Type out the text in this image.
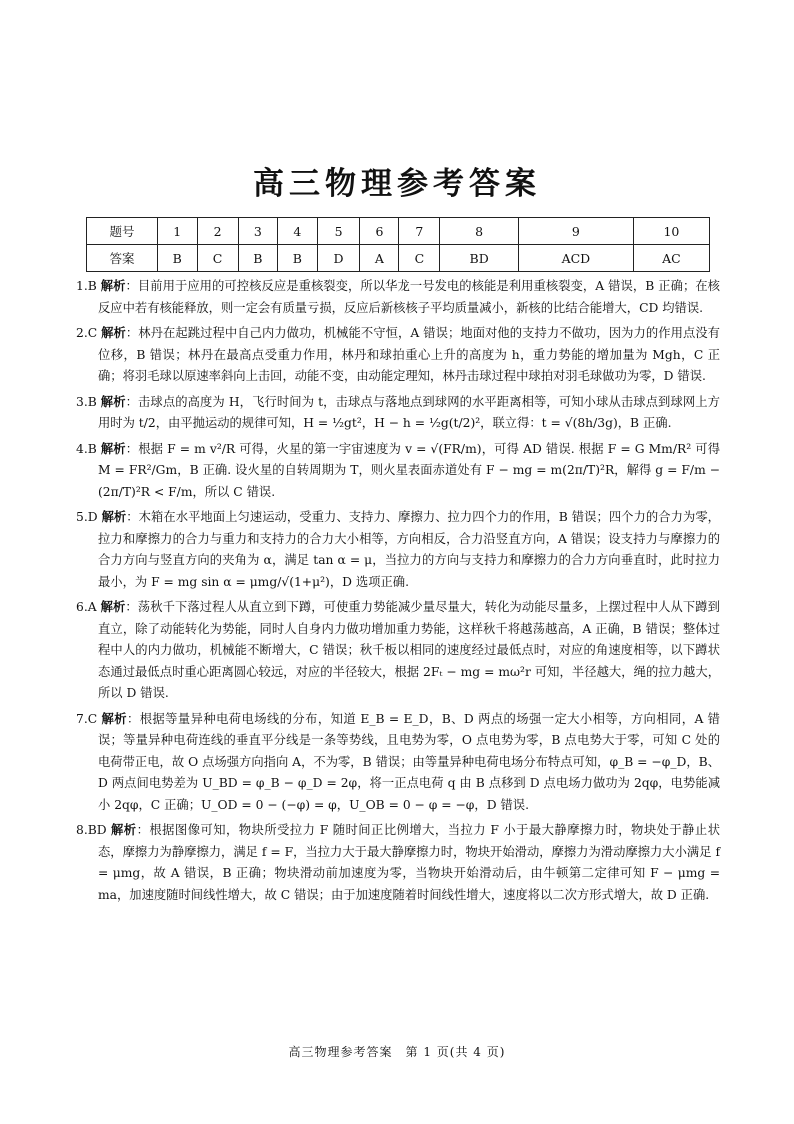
高三物理参考答案
题号	1	2	3	4	5	6	7	8	9	10
答案	B	C	B	B	D	A	C	BD	ACD	AC

1.B 解析：目前用于应用的可控核反应是重核裂变，所以华龙一号发电的核能是利用重核裂变，A 错误，B 正确；在核反应中若有核能释放，则一定会有质量亏损，反应后新核核子平均质量减小，新核的比结合能增大，CD 均错误.

2.C 解析：林丹在起跳过程中自己内力做功，机械能不守恒，A 错误；地面对他的支持力不做功，因为力的作用点没有位移，B 错误；林丹在最高点受重力作用，林丹和球拍重心上升的高度为 h，重力势能的增加量为 Mgh，C 正确；将羽毛球以原速率斜向上击回，动能不变，由动能定理知，林丹击球过程中球拍对羽毛球做功为零，D 错误.

3.B 解析：击球点的高度为 H，飞行时间为 t，击球点与落地点到球网的水平距离相等，可知小球从击球点到球网上方用时为 t/2，由平抛运动的规律可知，H = ½gt²，H − h = ½g(t/2)²，联立得：t = √(8h/3g)，B 正确.

4.B 解析：根据 F = m v²/R 可得，火星的第一宇宙速度为 v = √(FR/m)，可得 AD 错误. 根据 F = G Mm/R² 可得 M = FR²/Gm，B 正确. 设火星的自转周期为 T，则火星表面赤道处有 F − mg = m(2π/T)²R，解得 g = F/m − (2π/T)²R < F/m，所以 C 错误.

5.D 解析：木箱在水平地面上匀速运动，受重力、支持力、摩擦力、拉力四个力的作用，B 错误；四个力的合力为零，拉力和摩擦力的合力与重力和支持力的合力大小相等，方向相反，合力沿竖直方向，A 错误；设支持力与摩擦力的合力方向与竖直方向的夹角为 α，满足 tan α = μ，当拉力的方向与支持力和摩擦力的合力方向垂直时，此时拉力最小，为 F = mg sin α = μmg/√(1+μ²)，D 选项正确.

6.A 解析：荡秋千下落过程人从直立到下蹲，可使重力势能减少量尽量大，转化为动能尽量多，上摆过程中人从下蹲到直立，除了动能转化为势能，同时人自身内力做功增加重力势能，这样秋千将越荡越高，A 正确，B 错误；整体过程中人的内力做功，机械能不断增大，C 错误；秋千板以相同的速度经过最低点时，对应的角速度相等，以下蹲状态通过最低点时重心距离圆心较远，对应的半径较大，根据 2Fₜ − mg = mω²r 可知，半径越大，绳的拉力越大，所以 D 错误.

7.C 解析：根据等量异种电荷电场线的分布，知道 E_B = E_D，B、D 两点的场强一定大小相等，方向相同，A 错误；等量异种电荷连线的垂直平分线是一条等势线，且电势为零，O 点电势为零，B 点电势大于零，可知 C 处的电荷带正电，故 O 点场强方向指向 A，不为零，B 错误；由等量异种电荷电场分布特点可知，φ_B = −φ_D，B、D 两点间电势差为 U_BD = φ_B − φ_D = 2φ，将一正点电荷 q 由 B 点移到 D 点电场力做功为 2qφ，电势能减小 2qφ，C 正确；U_OD = 0 − (−φ) = φ，U_OB = 0 − φ = −φ，D 错误.

8.BD 解析：根据图像可知，物块所受拉力 F 随时间正比例增大，当拉力 F 小于最大静摩擦力时，物块处于静止状态，摩擦力为静摩擦力，满足 f = F，当拉力大于最大静摩擦力时，物块开始滑动，摩擦力为滑动摩擦力大小满足 f = μmg，故 A 错误，B 正确；物块滑动前加速度为零，当物块开始滑动后，由牛顿第二定律可知 F − μmg = ma，加速度随时间线性增大，故 C 错误；由于加速度随着时间线性增大，速度将以二次方形式增大，故 D 正确.

高三物理参考答案　第 1 页(共 4 页)
